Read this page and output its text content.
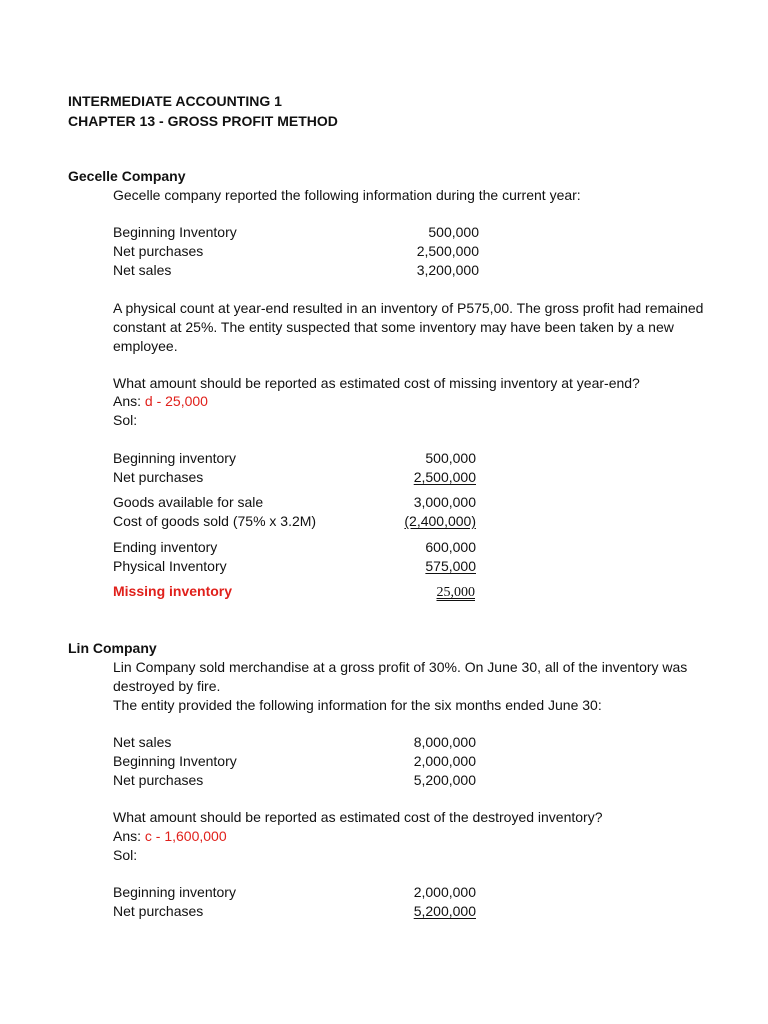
INTERMEDIATE ACCOUNTING 1
CHAPTER 13 - GROSS PROFIT METHOD
Gecelle Company
Gecelle company reported the following information during the current year:
Beginning Inventory	500,000
Net purchases	2,500,000
Net sales	3,200,000
A physical count at year-end resulted in an inventory of P575,00. The gross profit had remained
constant at 25%. The entity suspected that some inventory may have been taken by a new
employee.
What amount should be reported as estimated cost of missing inventory at year-end?
Ans: d - 25,000
Sol:
Beginning inventory	500,000
Net purchases	2,500,000
Goods available for sale	3,000,000
Cost of goods sold (75% x 3.2M)	(2,400,000)
Ending inventory	600,000
Physical Inventory	575,000
Missing inventory	25,000
Lin Company
Lin Company sold merchandise at a gross profit of 30%. On June 30, all of the inventory was
destroyed by fire.
The entity provided the following information for the six months ended June 30:
Net sales	8,000,000
Beginning Inventory	2,000,000
Net purchases	5,200,000
What amount should be reported as estimated cost of the destroyed inventory?
Ans: c - 1,600,000
Sol:
Beginning inventory	2,000,000
Net purchases	5,200,000
